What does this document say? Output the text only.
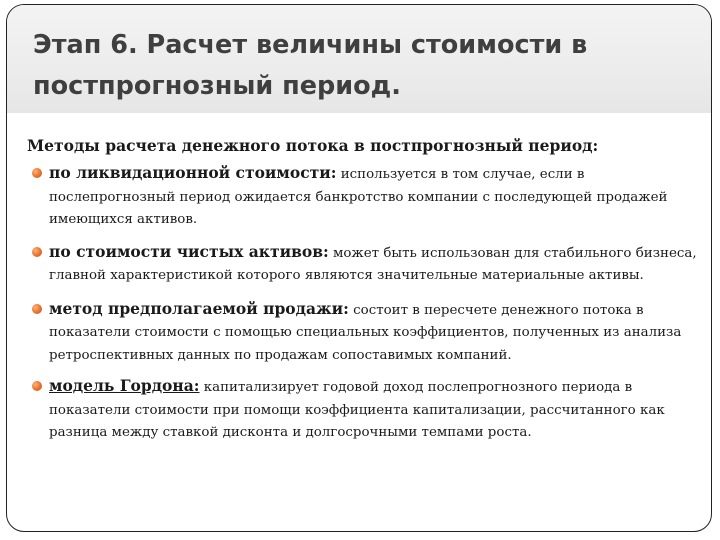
Этап 6. Расчет величины стоимости в постпрогнозный период.

Методы расчета денежного потока в постпрогнозный период:

по ликвидационной стоимости: используется в том случае, если в послепрогнозный период ожидается банкротство компании с последующей продажей имеющихся активов.
по стоимости чистых активов: может быть использован для стабильного бизнеса, главной характеристикой которого являются значительные материальные активы.
метод предполагаемой продажи: состоит в пересчете денежного потока в показатели стоимости с помощью специальных коэффициентов, полученных из анализа ретроспективных данных по продажам сопоставимых компаний.
модель Гордона: капитализирует годовой доход послепрогнозного периода в показатели стоимости при помощи коэффициента капитализации, рассчитанного как разница между ставкой дисконта и долгосрочными темпами роста.
